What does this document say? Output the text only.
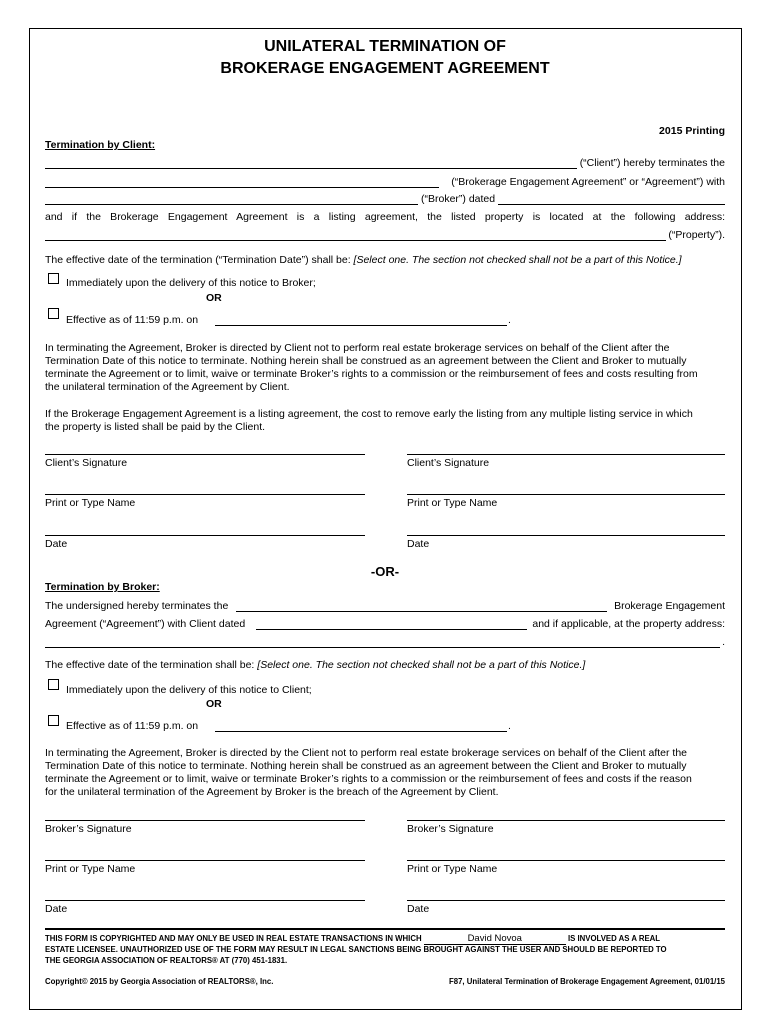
UNILATERAL TERMINATION OF
BROKERAGE ENGAGEMENT AGREEMENT
2015 Printing
Termination by Client:
(“Client”) hereby terminates the
(“Brokerage Engagement Agreement” or “Agreement”) with
(“Broker”) dated
and if the Brokerage Engagement Agreement is a listing agreement, the listed property is located at the following address:
(“Property”).
The effective date of the termination (“Termination Date”) shall be: [Select one. The section not checked shall not be a part of this Notice.]
Immediately upon the delivery of this notice to Broker;
OR
Effective as of 11:59 p.m. on	.
In terminating the Agreement, Broker is directed by Client not to perform real estate brokerage services on behalf of the Client after the
Termination Date of this notice to terminate. Nothing herein shall be construed as an agreement between the Client and Broker to mutually
terminate the Agreement or to limit, waive or terminate Broker’s rights to a commission or the reimbursement of fees and costs resulting from
the unilateral termination of the Agreement by Client.
If the Brokerage Engagement Agreement is a listing agreement, the cost to remove early the listing from any multiple listing service in which
the property is listed shall be paid by the Client.
Client’s Signature	Client’s Signature
Print or Type Name	Print or Type Name
Date	Date
-OR-
Termination by Broker:
The undersigned hereby terminates the	Brokerage Engagement
Agreement (“Agreement”) with Client dated	and if applicable, at the property address:
.
The effective date of the termination shall be: [Select one. The section not checked shall not be a part of this Notice.]
Immediately upon the delivery of this notice to Client;
OR
Effective as of 11:59 p.m. on	.
In terminating the Agreement, Broker is directed by the Client not to perform real estate brokerage services on behalf of the Client after the
Termination Date of this notice to terminate. Nothing herein shall be construed as an agreement between the Client and Broker to mutually
terminate the Agreement or to limit, waive or terminate Broker’s rights to a commission or the reimbursement of fees and costs if the reason
for the unilateral termination of the Agreement by Broker is the breach of the Agreement by Client.
Broker’s Signature	Broker’s Signature
Print or Type Name	Print or Type Name
Date	Date
THIS FORM IS COPYRIGHTED AND MAY ONLY BE USED IN REAL ESTATE TRANSACTIONS IN WHICH	David Novoa	IS INVOLVED AS A REAL
ESTATE LICENSEE. UNAUTHORIZED USE OF THE FORM MAY RESULT IN LEGAL SANCTIONS BEING BROUGHT AGAINST THE USER AND SHOULD BE REPORTED TO
THE GEORGIA ASSOCIATION OF REALTORS® AT (770) 451-1831.
Copyright© 2015 by Georgia Association of REALTORS®, Inc.	F87, Unilateral Termination of Brokerage Engagement Agreement, 01/01/15
